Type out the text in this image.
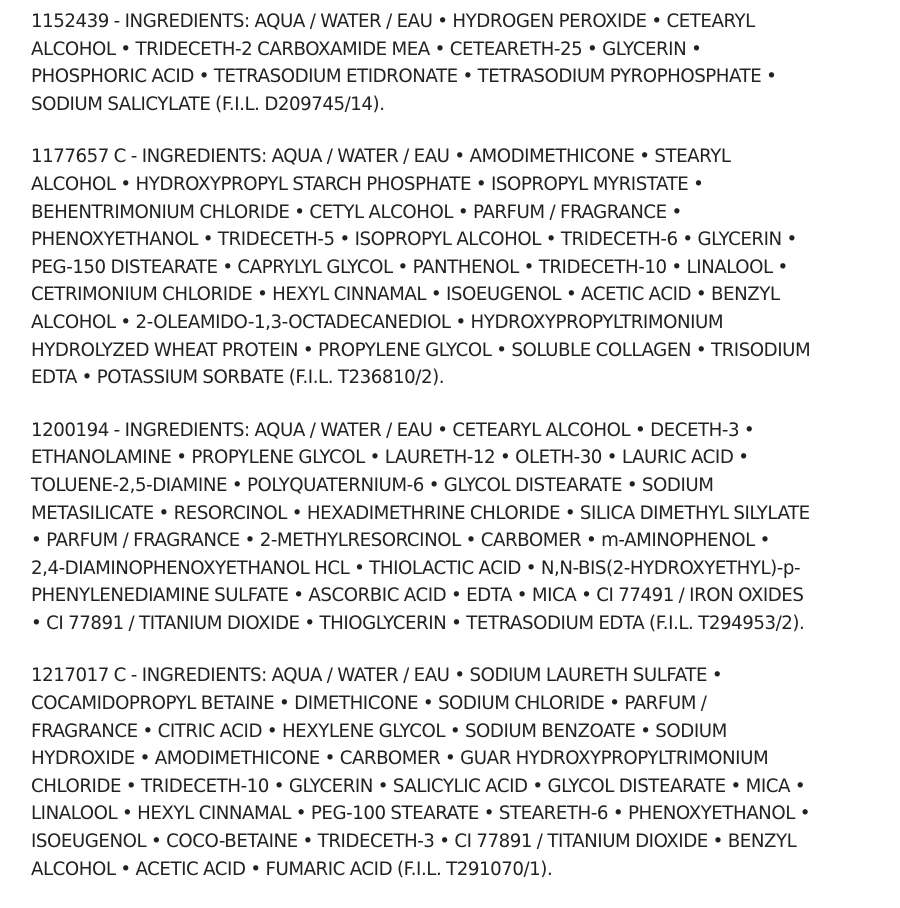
1152439 - INGREDIENTS: AQUA / WATER / EAU • HYDROGEN PEROXIDE • CETEARYL
ALCOHOL • TRIDECETH-2 CARBOXAMIDE MEA • CETEARETH-25 • GLYCERIN •
PHOSPHORIC ACID • TETRASODIUM ETIDRONATE • TETRASODIUM PYROPHOSPHATE •
SODIUM SALICYLATE (F.I.L. D209745/14).
1177657 C - INGREDIENTS: AQUA / WATER / EAU • AMODIMETHICONE • STEARYL
ALCOHOL • HYDROXYPROPYL STARCH PHOSPHATE • ISOPROPYL MYRISTATE •
BEHENTRIMONIUM CHLORIDE • CETYL ALCOHOL • PARFUM / FRAGRANCE •
PHENOXYETHANOL • TRIDECETH-5 • ISOPROPYL ALCOHOL • TRIDECETH-6 • GLYCERIN •
PEG-150 DISTEARATE • CAPRYLYL GLYCOL • PANTHENOL • TRIDECETH-10 • LINALOOL •
CETRIMONIUM CHLORIDE • HEXYL CINNAMAL • ISOEUGENOL • ACETIC ACID • BENZYL
ALCOHOL • 2-OLEAMIDO-1,3-OCTADECANEDIOL • HYDROXYPROPYLTRIMONIUM
HYDROLYZED WHEAT PROTEIN • PROPYLENE GLYCOL • SOLUBLE COLLAGEN • TRISODIUM
EDTA • POTASSIUM SORBATE (F.I.L. T236810/2).
1200194 - INGREDIENTS: AQUA / WATER / EAU • CETEARYL ALCOHOL • DECETH-3 •
ETHANOLAMINE • PROPYLENE GLYCOL • LAURETH-12 • OLETH-30 • LAURIC ACID •
TOLUENE-2,5-DIAMINE • POLYQUATERNIUM-6 • GLYCOL DISTEARATE • SODIUM
METASILICATE • RESORCINOL • HEXADIMETHRINE CHLORIDE • SILICA DIMETHYL SILYLATE
• PARFUM / FRAGRANCE • 2-METHYLRESORCINOL • CARBOMER • m-AMINOPHENOL •
2,4-DIAMINOPHENOXYETHANOL HCL • THIOLACTIC ACID • N,N-BIS(2-HYDROXYETHYL)-p-
PHENYLENEDIAMINE SULFATE • ASCORBIC ACID • EDTA • MICA • CI 77491 / IRON OXIDES
• CI 77891 / TITANIUM DIOXIDE • THIOGLYCERIN • TETRASODIUM EDTA (F.I.L. T294953/2).
1217017 C - INGREDIENTS: AQUA / WATER / EAU • SODIUM LAURETH SULFATE •
COCAMIDOPROPYL BETAINE • DIMETHICONE • SODIUM CHLORIDE • PARFUM /
FRAGRANCE • CITRIC ACID • HEXYLENE GLYCOL • SODIUM BENZOATE • SODIUM
HYDROXIDE • AMODIMETHICONE • CARBOMER • GUAR HYDROXYPROPYLTRIMONIUM
CHLORIDE • TRIDECETH-10 • GLYCERIN • SALICYLIC ACID • GLYCOL DISTEARATE • MICA •
LINALOOL • HEXYL CINNAMAL • PEG-100 STEARATE • STEARETH-6 • PHENOXYETHANOL •
ISOEUGENOL • COCO-BETAINE • TRIDECETH-3 • CI 77891 / TITANIUM DIOXIDE • BENZYL
ALCOHOL • ACETIC ACID • FUMARIC ACID (F.I.L. T291070/1).
